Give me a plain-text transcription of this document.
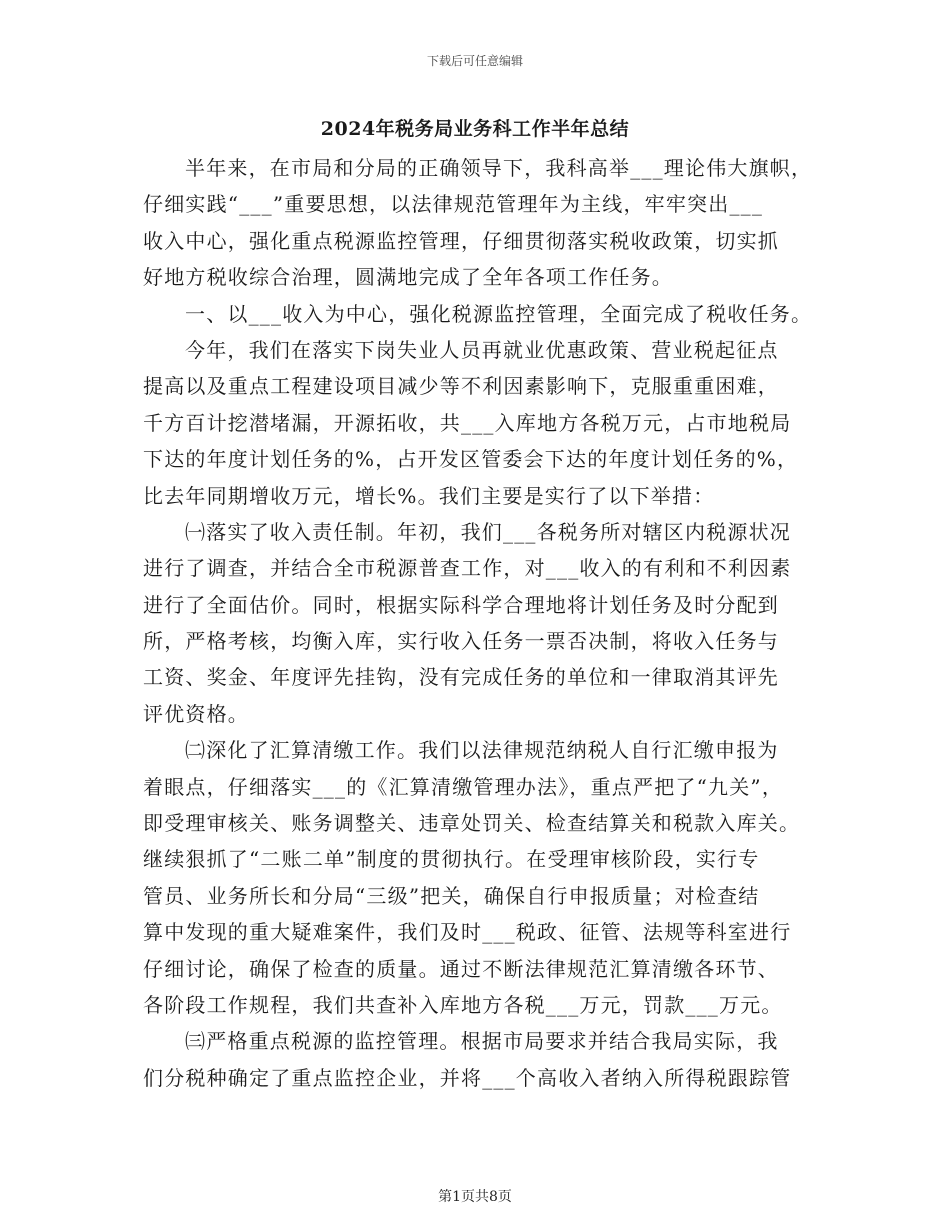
下载后可任意编辑
2024年税务局业务科工作半年总结
半年来，在市局和分局的正确领导下，我科高举___理论伟大旗帜，
仔细实践“___”重要思想，以法律规范管理年为主线，牢牢突出___
收入中心，强化重点税源监控管理，仔细贯彻落实税收政策，切实抓
好地方税收综合治理，圆满地完成了全年各项工作任务。
一、以___收入为中心，强化税源监控管理，全面完成了税收任务。
今年，我们在落实下岗失业人员再就业优惠政策、营业税起征点
提高以及重点工程建设项目减少等不利因素影响下，克服重重困难，
千方百计挖潜堵漏，开源拓收，共___入库地方各税万元，占市地税局
下达的年度计划任务的%，占开发区管委会下达的年度计划任务的%，
比去年同期增收万元，增长%。我们主要是实行了以下举措：
㈠落实了收入责任制。年初，我们___各税务所对辖区内税源状况
进行了调查，并结合全市税源普查工作，对___收入的有利和不利因素
进行了全面估价。同时，根据实际科学合理地将计划任务及时分配到
所，严格考核，均衡入库，实行收入任务一票否决制，将收入任务与
工资、奖金、年度评先挂钩，没有完成任务的单位和一律取消其评先
评优资格。
㈡深化了汇算清缴工作。我们以法律规范纳税人自行汇缴申报为
着眼点，仔细落实___的《汇算清缴管理办法》，重点严把了“九关”，
即受理审核关、账务调整关、违章处罚关、检查结算关和税款入库关。
继续狠抓了“二账二单”制度的贯彻执行。在受理审核阶段，实行专
管员、业务所长和分局“三级”把关，确保自行申报质量；对检查结
算中发现的重大疑难案件，我们及时___税政、征管、法规等科室进行
仔细讨论，确保了检查的质量。通过不断法律规范汇算清缴各环节、
各阶段工作规程，我们共查补入库地方各税___万元，罚款___万元。
㈢严格重点税源的监控管理。根据市局要求并结合我局实际，我
们分税种确定了重点监控企业，并将___个高收入者纳入所得税跟踪管
第1页共8页
